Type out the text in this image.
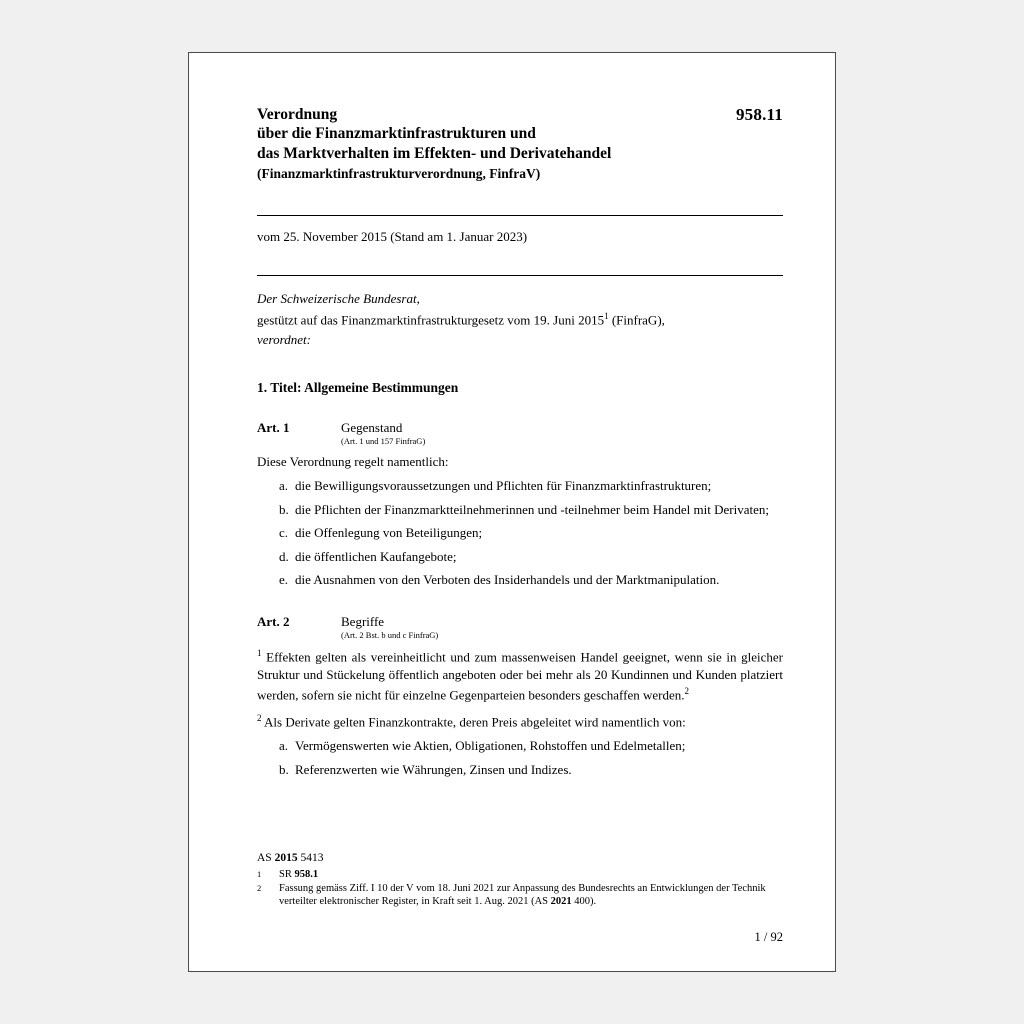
958.11
Verordnung
über die Finanzmarktinfrastrukturen und
das Marktverhalten im Effekten- und Derivatehandel
(Finanzmarktinfrastrukturverordnung, FinfraV)
vom 25. November 2015 (Stand am 1. Januar 2023)

Der Schweizerische Bundesrat,

gestützt auf das Finanzmarktinfrastrukturgesetz vom 19. Juni 2015$^1$ (FinfraG),

verordnet:

1. Titel: Allgemeine Bestimmungen
Art. 1	Gegenstand
(Art. 1 und 157 FinfraG)
Diese Verordnung regelt namentlich:
a. die Bewilligungsvoraussetzungen und Pflichten für Finanzmarktinfrastrukturen;
b. die Pflichten der Finanzmarktteilnehmerinnen und -teilnehmer beim Handel mit Derivaten;
c. die Offenlegung von Beteiligungen;
d. die öffentlichen Kaufangebote;
e. die Ausnahmen von den Verboten des Insiderhandels und der Marktmanipulation.
Art. 2	Begriffe
(Art. 2 Bst. b und c FinfraG)
$^1$ Effekten gelten als vereinheitlicht und zum massenweisen Handel geeignet, wenn sie in gleicher Struktur und Stückelung öffentlich angeboten oder bei mehr als 20 Kundinnen und Kunden platziert werden, sofern sie nicht für einzelne Gegenparteien besonders geschaffen werden.$^2$
$^2$ Als Derivate gelten Finanzkontrakte, deren Preis abgeleitet wird namentlich von:
a. Vermögenswerten wie Aktien, Obligationen, Rohstoffen und Edelmetallen;
b. Referenzwerten wie Währungen, Zinsen und Indizes.
AS 2015 5413
1	SR 958.1
2	Fassung gemäss Ziff. I 10 der V vom 18. Juni 2021 zur Anpassung des Bundesrechts an Entwicklungen der Technik verteilter elektronischer Register, in Kraft seit 1. Aug. 2021 (AS 2021 400).
1 / 92
